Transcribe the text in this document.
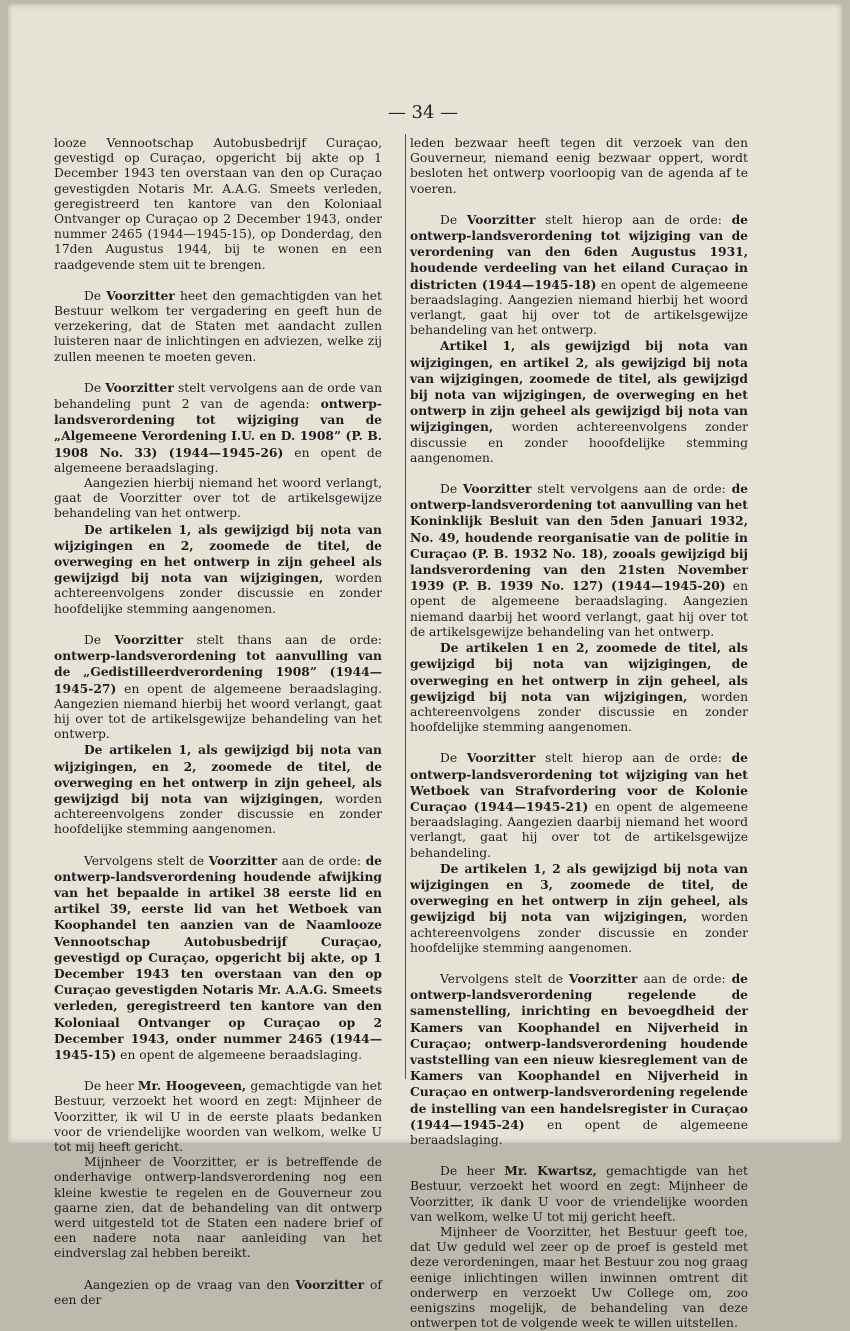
— 34 —

looze Vennootschap Autobusbedrijf Curaçao, gevestigd op Curaçao, opgericht bij akte op 1 December 1943 ten overstaan van den op Curaçao gevestigden Notaris Mr. A.A.G. Smeets verleden, geregistreerd ten kantore van den Koloniaal Ontvanger op Curaçao op 2 December 1943, onder nummer 2465 (1944—1945-15), op Donderdag, den 17den Augustus 1944, bij te wonen en een raadgevende stem uit te brengen.

De Voorzitter heet den gemachtigden van het Bestuur welkom ter vergadering en geeft hun de verzekering, dat de Staten met aandacht zullen luisteren naar de inlichtingen en adviezen, welke zij zullen meenen te moeten geven.

De Voorzitter stelt vervolgens aan de orde van behandeling punt 2 van de agenda: ontwerp-landsverordening tot wijziging van de „Algemeene Verordening I.U. en D. 1908” (P. B. 1908 No. 33) (1944—1945-26) en opent de algemeene beraadslaging.

Aangezien hierbij niemand het woord verlangt, gaat de Voorzitter over tot de artikelsgewijze behandeling van het ontwerp.

De artikelen 1, als gewijzigd bij nota van wijzigingen en 2, zoomede de titel, de overweging en het ontwerp in zijn geheel als gewijzigd bij nota van wijzigingen, worden achtereenvolgens zonder discussie en zonder hoofdelijke stemming aangenomen.

De Voorzitter stelt thans aan de orde: ontwerp-landsverordening tot aanvulling van de „Gedistilleerdverordening 1908” (1944—1945-27) en opent de algemeene beraadslaging. Aangezien niemand hierbij het woord verlangt, gaat hij over tot de artikelsgewijze behandeling van het ontwerp.

De artikelen 1, als gewijzigd bij nota van wijzigingen, en 2, zoomede de titel, de overweging en het ontwerp in zijn geheel, als gewijzigd bij nota van wijzigingen, worden achtereenvolgens zonder discussie en zonder hoofdelijke stemming aangenomen.

Vervolgens stelt de Voorzitter aan de orde: de ontwerp-landsverordening houdende afwijking van het bepaalde in artikel 38 eerste lid en artikel 39, eerste lid van het Wetboek van Koophandel ten aanzien van de Naamlooze Vennootschap Autobusbedrijf Curaçao, gevestigd op Curaçao, opgericht bij akte, op 1 December 1943 ten overstaan van den op Curaçao gevestigden Notaris Mr. A.A.G. Smeets verleden, geregistreerd ten kantore van den Koloniaal Ontvanger op Curaçao op 2 December 1943, onder nummer 2465 (1944—1945-15) en opent de algemeene beraadslaging.

De heer Mr. Hoogeveen, gemachtigde van het Bestuur, verzoekt het woord en zegt: Mijnheer de Voorzitter, ik wil U in de eerste plaats bedanken voor de vriendelijke woorden van welkom, welke U tot mij heeft gericht.

Mijnheer de Voorzitter, er is betreffende de onderhavige ontwerp-landsverordening nog een kleine kwestie te regelen en de Gouverneur zou gaarne zien, dat de behandeling van dit ontwerp werd uitgesteld tot de Staten een nadere brief of een nadere nota naar aanleiding van het eindverslag zal hebben bereikt.

Aangezien op de vraag van den Voorzitter of een der

leden bezwaar heeft tegen dit verzoek van den Gouverneur, niemand eenig bezwaar oppert, wordt besloten het ontwerp voorloopig van de agenda af te voeren.

De Voorzitter stelt hierop aan de orde: de ontwerp-landsverordening tot wijziging van de verordening van den 6den Augustus 1931, houdende verdeeling van het eiland Curaçao in districten (1944—1945-18) en opent de algemeene beraadslaging. Aangezien niemand hierbij het woord verlangt, gaat hij over tot de artikelsgewijze behandeling van het ontwerp.

Artikel 1, als gewijzigd bij nota van wijzigingen, en artikel 2, als gewijzigd bij nota van wijzigingen, zoomede de titel, als gewijzigd bij nota van wijzigingen, de overweging en het ontwerp in zijn geheel als gewijzigd bij nota van wijzigingen, worden achtereenvolgens zonder discussie en zonder hooofdelijke stemming aangenomen.

De Voorzitter stelt vervolgens aan de orde: de ontwerp-landsverordening tot aanvulling van het Koninklijk Besluit van den 5den Januari 1932, No. 49, houdende reorganisatie van de politie in Curaçao (P. B. 1932 No. 18), zooals gewijzigd bij landsverordening van den 21sten November 1939 (P. B. 1939 No. 127) (1944—1945-20) en opent de algemeene beraadslaging. Aangezien niemand daarbij het woord verlangt, gaat hij over tot de artikelsgewijze behandeling van het ontwerp.

De artikelen 1 en 2, zoomede de titel, als gewijzigd bij nota van wijzigingen, de overweging en het ontwerp in zijn geheel, als gewijzigd bij nota van wijzigingen, worden achtereenvolgens zonder discussie en zonder hoofdelijke stemming aangenomen.

De Voorzitter stelt hierop aan de orde: de ontwerp-landsverordening tot wijziging van het Wetboek van Strafvordering voor de Kolonie Curaçao (1944—1945-21) en opent de algemeene beraadslaging. Aangezien daarbij niemand het woord verlangt, gaat hij over tot de artikelsgewijze behandeling.

De artikelen 1, 2 als gewijzigd bij nota van wijzigingen en 3, zoomede de titel, de overweging en het ontwerp in zijn geheel, als gewijzigd bij nota van wijzigingen, worden achtereenvolgens zonder discussie en zonder hoofdelijke stemming aangenomen.

Vervolgens stelt de Voorzitter aan de orde: de ontwerp-landsverordening regelende de samenstelling, inrichting en bevoegdheid der Kamers van Koophandel en Nijverheid in Curaçao; ontwerp-landsverordening houdende vaststelling van een nieuw kiesreglement van de Kamers van Koophandel en Nijverheid in Curaçao en ontwerp-landsverordening regelende de instelling van een handelsregister in Curaçao (1944—1945-24) en opent de algemeene beraadslaging.

De heer Mr. Kwartsz, gemachtigde van het Bestuur, verzoekt het woord en zegt: Mijnheer de Voorzitter, ik dank U voor de vriendelijke woorden van welkom, welke U tot mij gericht heeft.

Mijnheer de Voorzitter, het Bestuur geeft toe, dat Uw geduld wel zeer op de proef is gesteld met deze verordeningen, maar het Bestuur zou nog graag eenige inlichtingen willen inwinnen omtrent dit onderwerp en verzoekt Uw College om, zoo eenigszins mogelijk, de behandeling van deze ontwerpen tot de volgende week te willen uitstellen.
